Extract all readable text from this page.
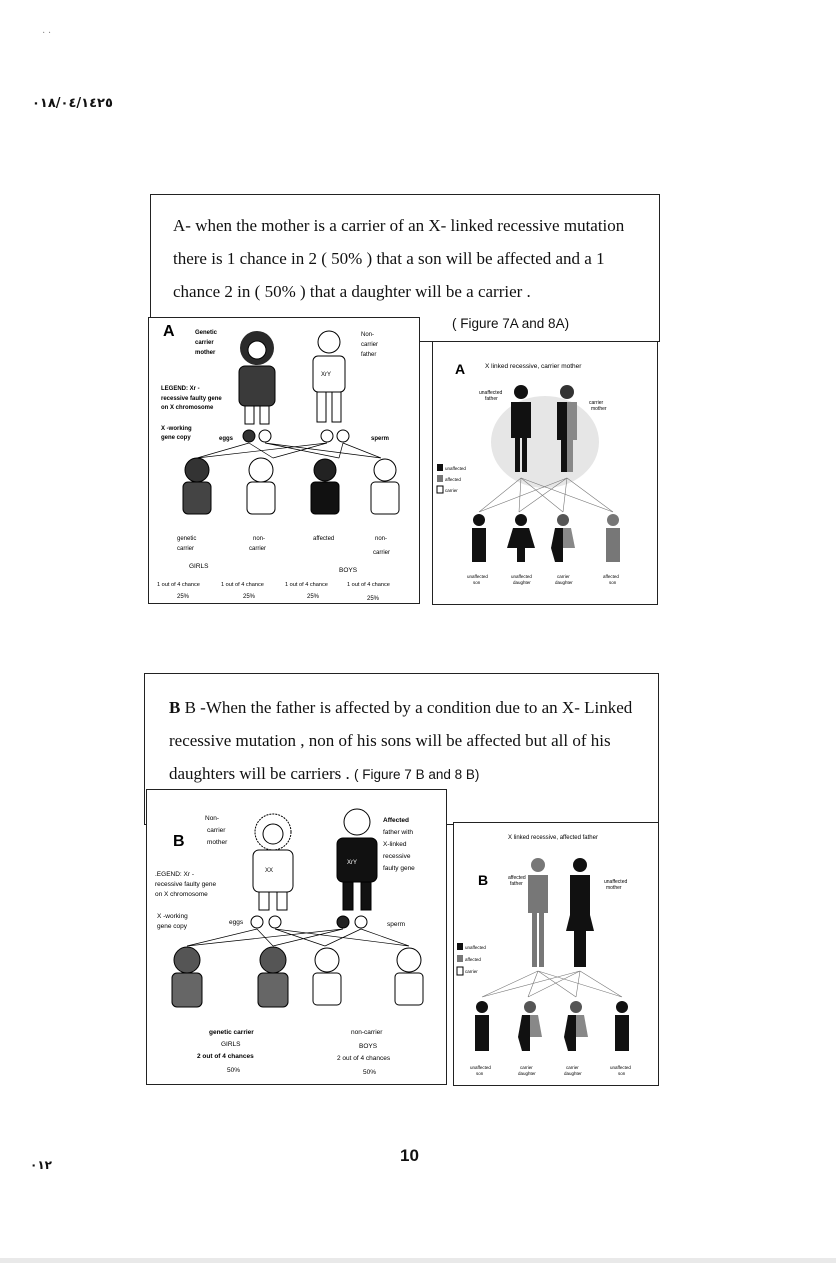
· ·
٠١٨/٠٤/١٤٢٥
A- when the mother is a carrier of an X- linked recessive mutation
there is 1 chance in 2 ( 50% ) that a son will be affected and a 1
chance 2 in ( 50% ) that a daughter will be a carrier .
( Figure 7A and 8A)
A	Genetic
carrier
mother
Non-
carrier
father
LEGEND: Xr -
recessive faulty gene
on X chromosome
X -working
gene copy	eggs	sperm
XrY
genetic
carrier
non-
carrier
affected	non-
carrier
GIRLS
BOYS
1 out of 4 chance	1 out of 4 chance	1 out of 4 chance	1 out of 4 chance
25%	25%	25%	25%
A	X linked recessive, carrier mother
unaffected
father
carrier
mother
unaffected
affected
carrier
unaffected
son
unaffected
daughter
carrier
daughter
affected
son
B B -When the father is affected by a condition due to an X- Linked
recessive mutation , non of his sons will be affected but all of his
daughters will be carriers . ( Figure 7 B and 8 B)
B
Non-
carrier
mother
Affected
father with
X-linked
recessive
faulty gene
.EGEND: Xr -
recessive faulty gene
on X chromosome
X -working
gene copy
eggs	sperm
XX
XrY
genetic carrier	non-carrier
GIRLS	BOYS
2 out of 4 chances	2 out of 4 chances
50%	50%
X linked recessive, affected father
B	affected
father	unaffected
mother
unaffected
affected
carrier
unaffected
son
carrier
daughter
carrier
daughter
unaffected
son
10
٠١٢
